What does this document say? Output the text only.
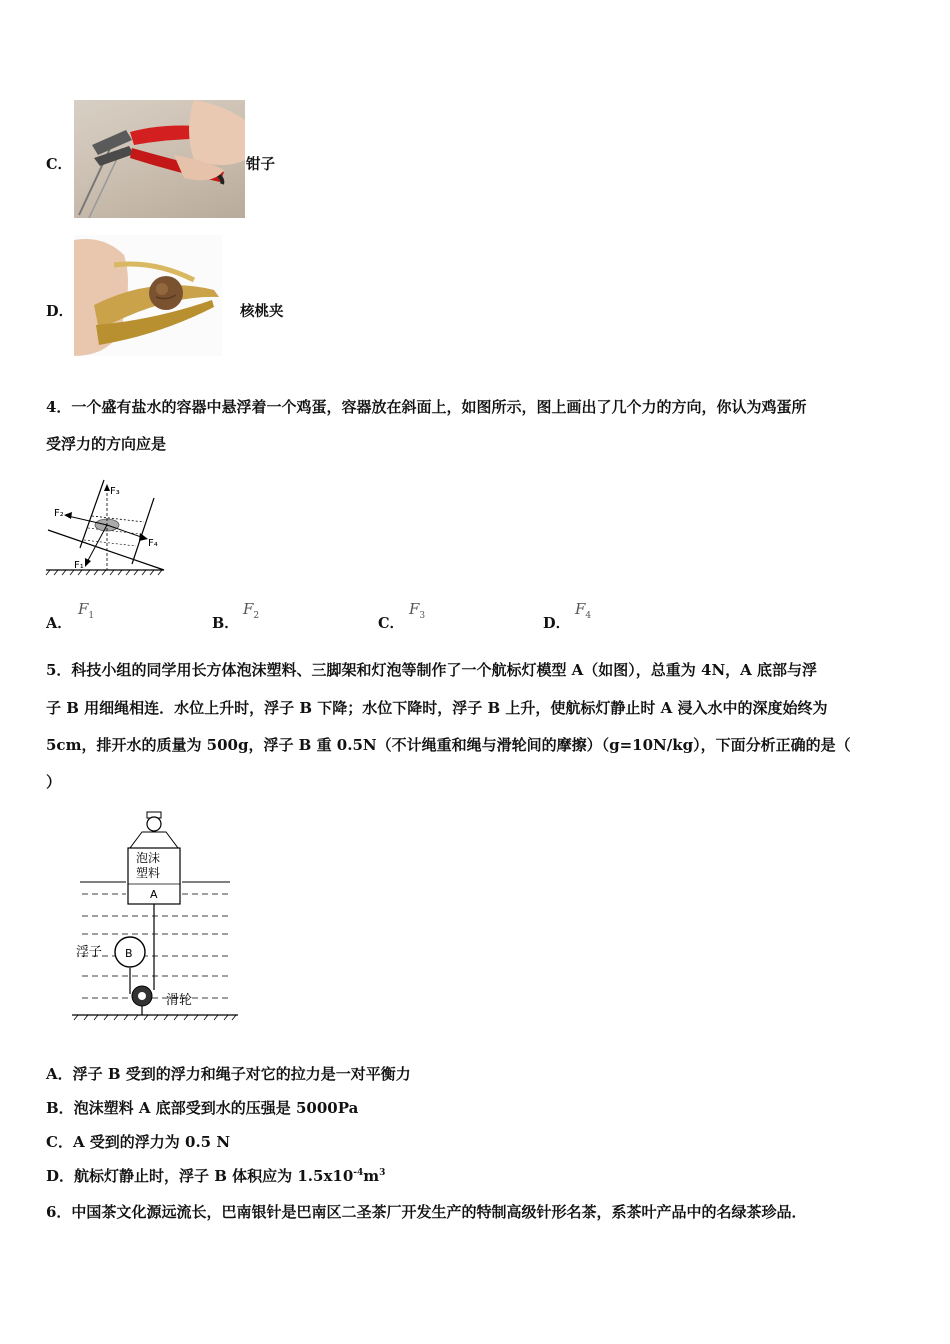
C．	钳子
D．	核桃夹
4．一个盛有盐水的容器中悬浮着一个鸡蛋，容器放在斜面上，如图所示，图上画出了几个力的方向，你认为鸡蛋所
受浮力的方向应是
F₃
F₂
F₄
F₁
A．
$F_1$	B．
$F_2$	C．
$F_3$	D．
$F_4$
5．科技小组的同学用长方体泡沫塑料、三脚架和灯泡等制作了一个航标灯模型 A（如图），总重为 4N，A 底部与浮
子 B 用细绳相连．水位上升时，浮子 B 下降；水位下降时，浮子 B 上升，使航标灯静止时 A 浸入水中的深度始终为
5cm，排开水的质量为 500g，浮子 B 重 0.5N（不计绳重和绳与滑轮间的摩擦）（g=10N/kg），下面分析正确的是（
）
泡沫
塑料
A
B
浮子
滑轮
A．浮子 B 受到的浮力和绳子对它的拉力是一对平衡力
B．泡沫塑料 A 底部受到水的压强是 5000Pa
C．A 受到的浮力为 0.5 N
D．航标灯静止时，浮子 B 体积应为 $1.5x10^{-4}m^3$
6．中国茶文化源远流长，巴南银针是巴南区二圣茶厂开发生产的特制高级针形名茶，系茶叶产品中的名绿茶珍品．
